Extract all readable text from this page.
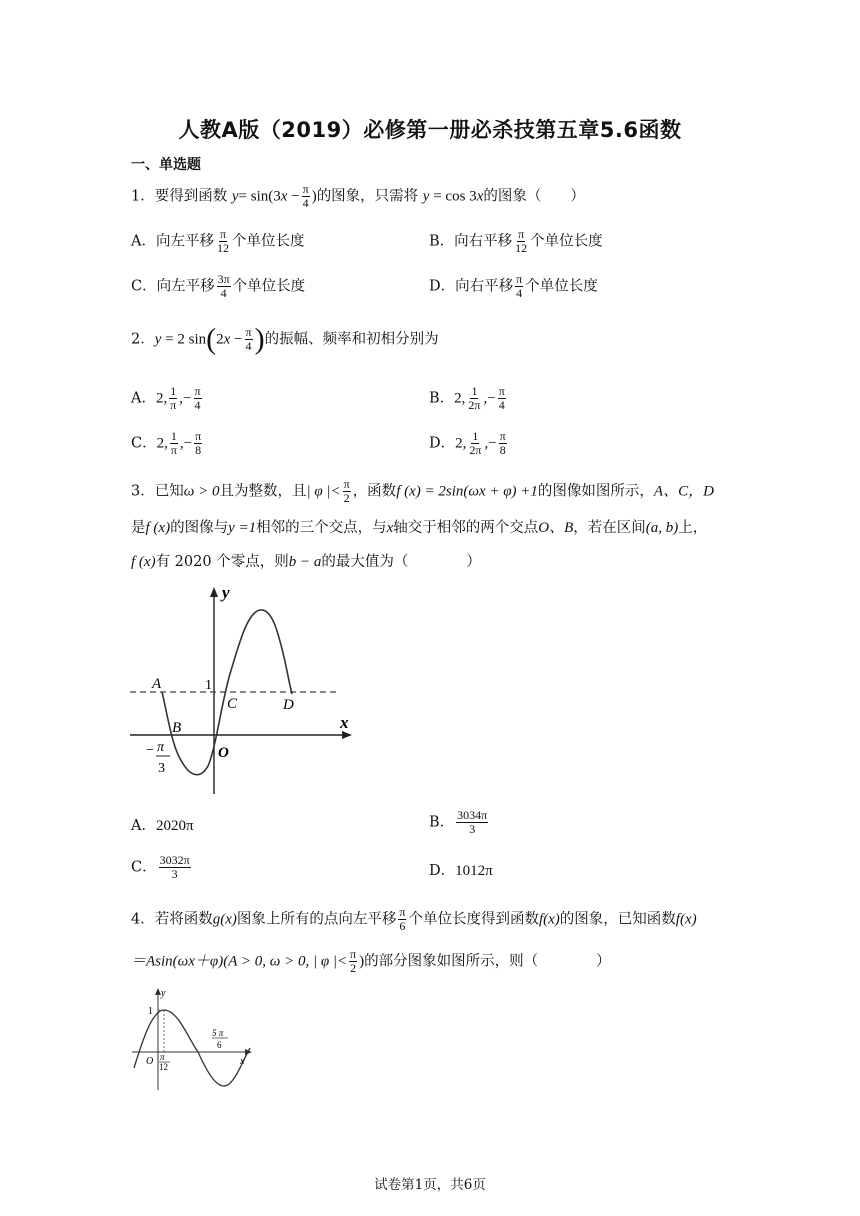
人教A版（2019）必修第一册必杀技第五章5.6函数
一、单选题
1．要得到函数 $y= \sin(3x - \frac{\pi}{4}$ )的图象，只需将 y = cos 3x的图象（　　）
A．向左平移 $\frac{\pi}{12}$ 个单位长度	B．向右平移 $\frac{\pi}{12}$ 个单位长度
C．向左平移 $\frac{3\pi}{4}$ 个单位长度	D．向右平移 $\frac{\pi}{4}$ 个单位长度
2．y = 2 $\sin(2x - \frac{\pi}{4}$ )的振幅、频率和初相分别为
A．2, $\frac{1}{\pi}$ ,− $\frac{\pi}{4}$	B．2, $\frac{1}{2\pi}$ ,− $\frac{\pi}{4}$
C．2, $\frac{1}{\pi}$ ,− $\frac{\pi}{8}$	D．2, $\frac{1}{2\pi}$ ,− $\frac{\pi}{8}$
3．已知ω > 0且为整数，且| φ |< $\frac{\pi}{2}$ ，函数f (x) = 2sin(ωx + φ) +1的图像如图所示，A、C，D
是f (x)的图像与y =1相邻的三个交点，与x轴交于相邻的两个交点O、B，若在区间(a, b)上，
f (x)有 2020 个零点，则b − a的最大值为（　　　　）
y
x
1
A
B
C	D
O
− π
3
A．2020π	B． $\frac{3034\pi}{3}$
C． $\frac{3032\pi}{3}$	D．1012π
4．若将函数g(x)图象上所有的点向左平移 $\frac{\pi}{6}$ 个单位长度得到函数f(x)的图象，已知函数f(x)
＝Asin(ωx＋φ)(A > 0, ω > 0, | φ |< $\frac{\pi}{2}$ )的部分图象如图所示，则（　　　　）
y
x
1
O π
12
5 π
6
试卷第1页，共6页
